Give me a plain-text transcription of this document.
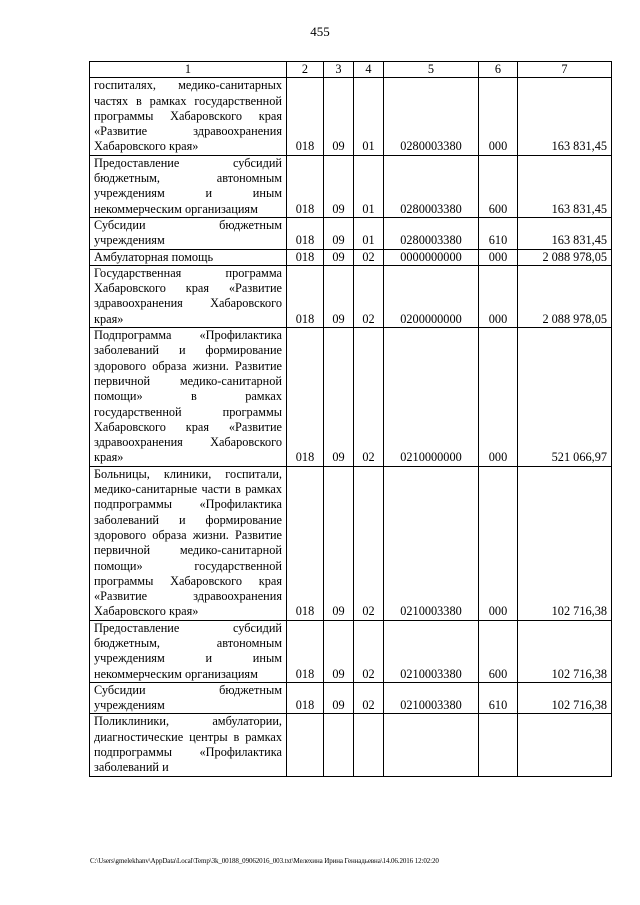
455
1	2	3	4	5	6	7
госпиталях, медико-санитарных частях в рамках государственной программы Хабаровского края «Развитие здравоохранения Хабаровского края»	018	09	01	0280003380	000	163 831,45
Предоставление субсидий бюджетным, автономным учреждениям и иным некоммерческим организациям	018	09	01	0280003380	600	163 831,45
Субсидии бюджетным учреждениям	018	09	01	0280003380	610	163 831,45
Амбулаторная помощь	018	09	02	0000000000	000	2 088 978,05
Государственная программа Хабаровского края «Развитие здравоохранения Хабаровского края»	018	09	02	0200000000	000	2 088 978,05
Подпрограмма «Профилактика заболеваний и формирование здорового образа жизни. Развитие первичной медико-санитарной помощи» в рамках государственной программы Хабаровского края «Развитие здравоохранения Хабаровского края»	018	09	02	0210000000	000	521 066,97
Больницы, клиники, госпитали, медико-санитарные части в рамках подпрограммы «Профилактика заболеваний и формирование здорового образа жизни. Развитие первичной медико-санитарной помощи» государственной программы Хабаровского края «Развитие здравоохранения Хабаровского края»	018	09	02	0210003380	000	102 716,38
Предоставление субсидий бюджетным, автономным учреждениям и иным некоммерческим организациям	018	09	02	0210003380	600	102 716,38
Субсидии бюджетным учреждениям	018	09	02	0210003380	610	102 716,38
Поликлиники, амбулатории, диагностические центры в рамках подпрограммы «Профилактика заболеваний и						
C:\Users\gmelekhanv\AppData\Local\Temp\3k_00188_09062016_003.txt\Мелехина Ирина Геннадьевна\14.06.2016 12:02:20
